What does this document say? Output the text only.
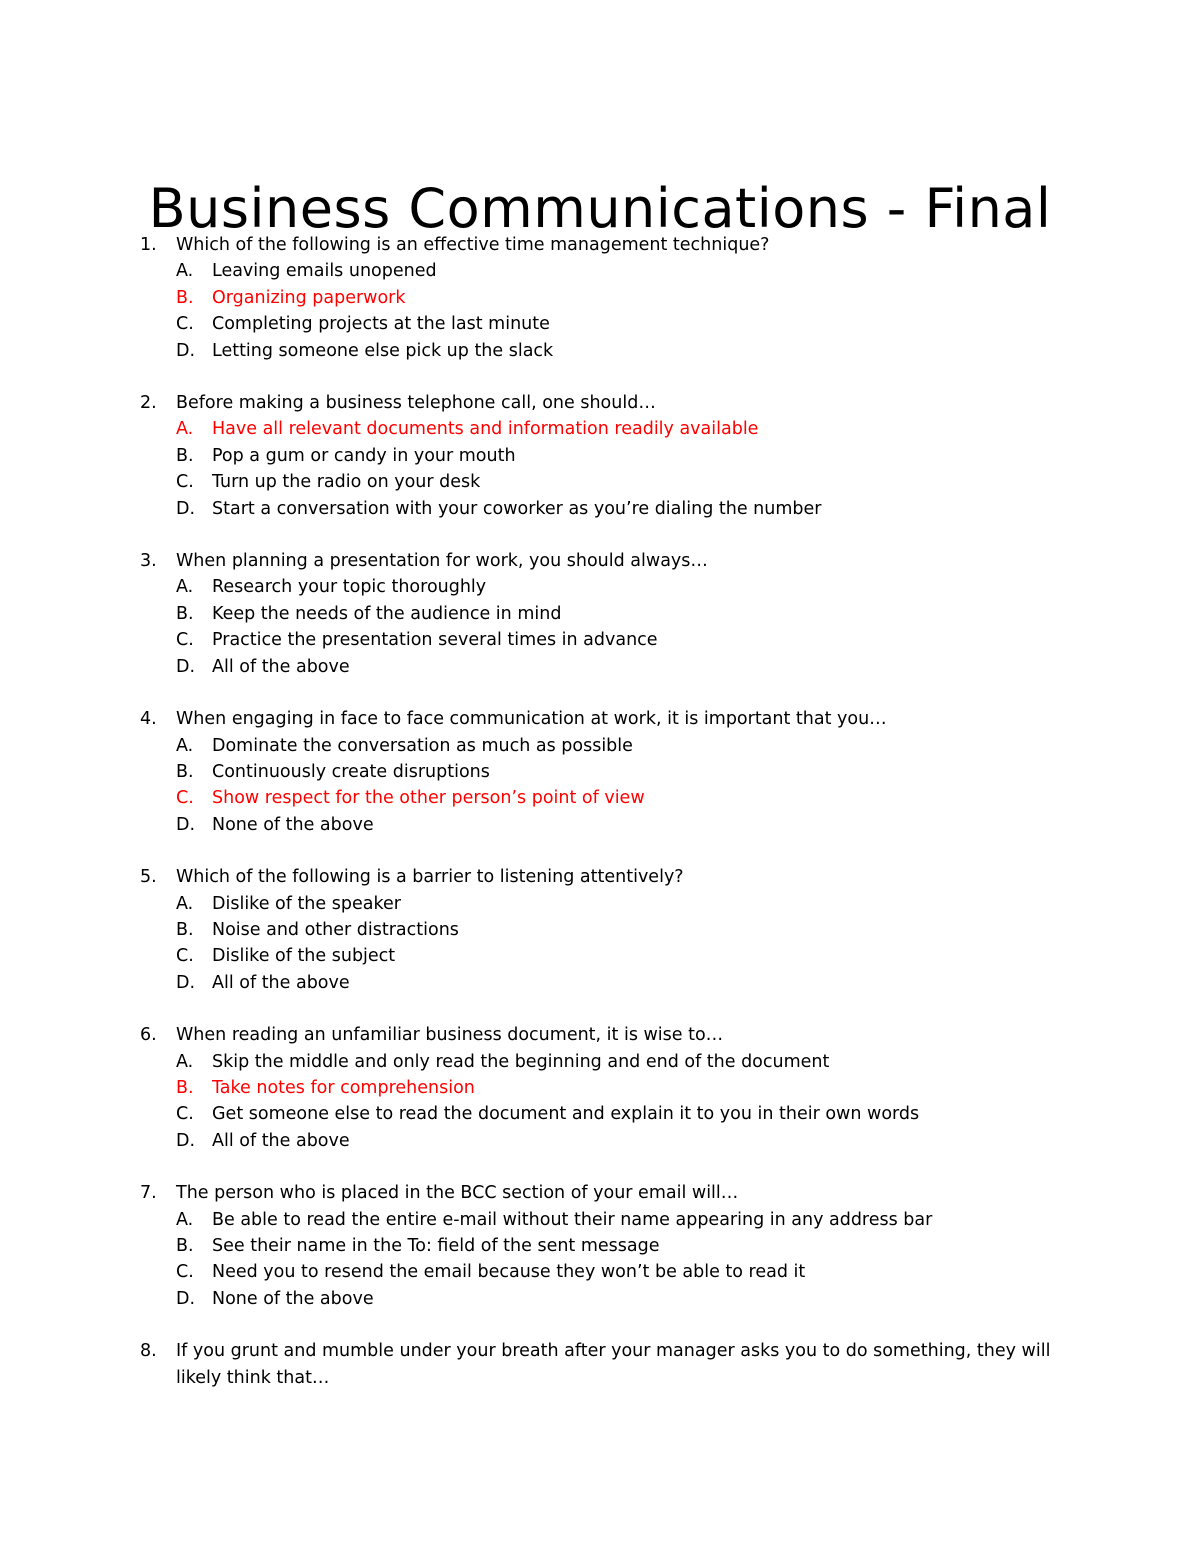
Business Communications - Final
1.	Which of the following is an effective time management technique?
A.	Leaving emails unopened
B.	Organizing paperwork
C.	Completing projects at the last minute
D. Letting someone else pick up the slack
2.	Before making a business telephone call, one should…
A.	Have all relevant documents and information readily available
B.	Pop a gum or candy in your mouth
C.	Turn up the radio on your desk
D. Start a conversation with your coworker as you’re dialing the number
3.	When planning a presentation for work, you should always…
A.	Research your topic thoroughly
B.	Keep the needs of the audience in mind
C.	Practice the presentation several times in advance
D. All of the above
4.	When engaging in face to face communication at work, it is important that you…
A.	Dominate the conversation as much as possible
B.	Continuously create disruptions
C.	Show respect for the other person’s point of view
D. None of the above
5.	Which of the following is a barrier to listening attentively?
A.	Dislike of the speaker
B.	Noise and other distractions
C.	Dislike of the subject
D. All of the above
6.	When reading an unfamiliar business document, it is wise to…
A.	Skip the middle and only read the beginning and end of the document
B.	Take notes for comprehension
C.	Get someone else to read the document and explain it to you in their own words
D. All of the above
7.	The person who is placed in the BCC section of your email will…
A.	Be able to read the entire e-mail without their name appearing in any address bar
B.	See their name in the To: field of the sent message
C.	Need you to resend the email because they won’t be able to read it
D. None of the above
8.	If you grunt and mumble under your breath after your manager asks you to do something, they will likely think that…
